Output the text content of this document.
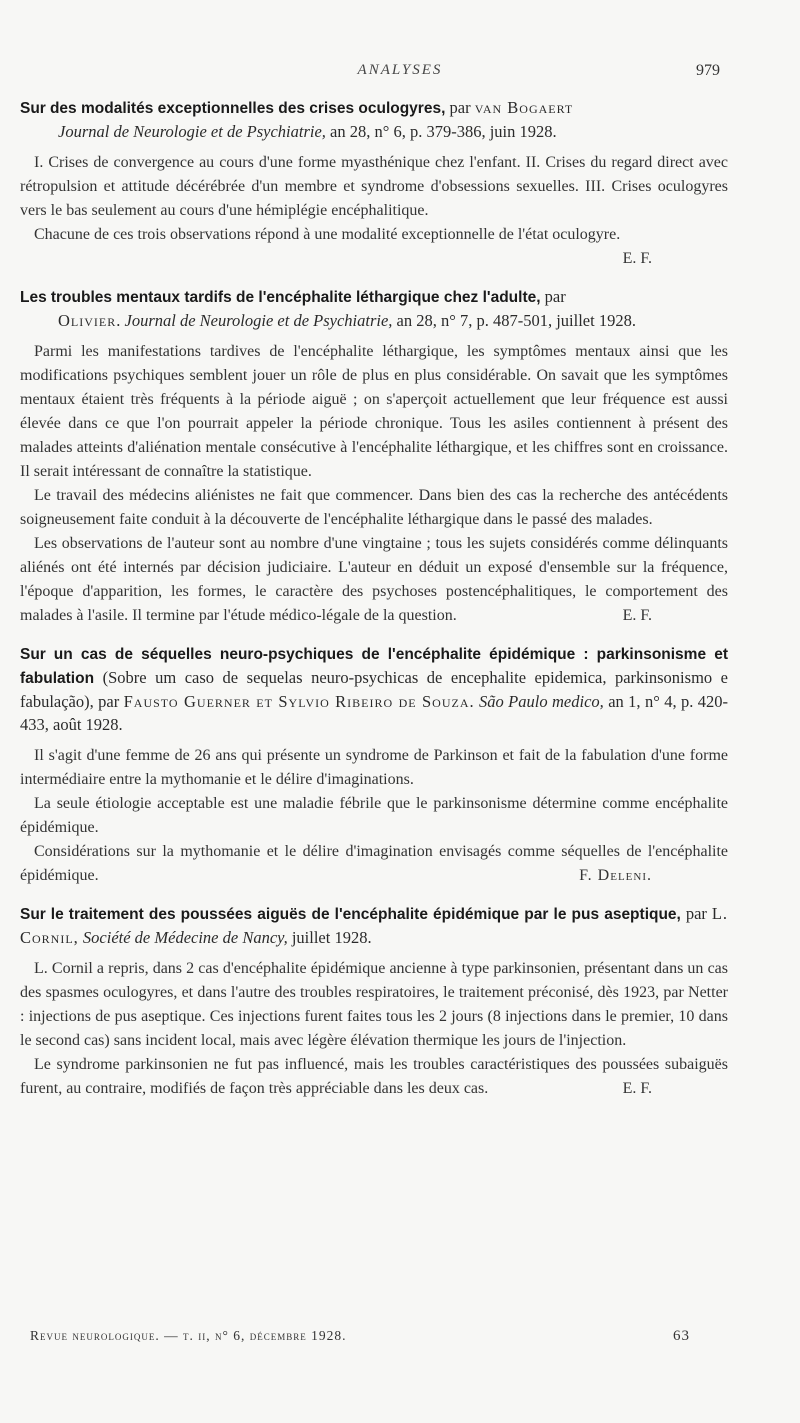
ANALYSES	979

Sur des modalités exceptionnelles des crises oculogyres, par van Bogaert
Journal de Neurologie et de Psychiatrie, an 28, n° 6, p. 379-386, juin 1928.

I. Crises de convergence au cours d'une forme myasthénique chez l'enfant. II. Crises du regard direct avec rétropulsion et attitude décérébrée d'un membre et syndrome d'obsessions sexuelles. III. Crises oculogyres vers le bas seulement au cours d'une hémiplégie encéphalitique.

Chacune de ces trois observations répond à une modalité exceptionnelle de l'état oculogyre.
E. F.

Les troubles mentaux tardifs de l'encéphalite léthargique chez l'adulte, par
Olivier. Journal de Neurologie et de Psychiatrie, an 28, n° 7, p. 487-501, juillet 1928.

Parmi les manifestations tardives de l'encéphalite léthargique, les symptômes mentaux ainsi que les modifications psychiques semblent jouer un rôle de plus en plus considérable. On savait que les symptômes mentaux étaient très fréquents à la période aiguë ; on s'aperçoit actuellement que leur fréquence est aussi élevée dans ce que l'on pourrait appeler la période chronique. Tous les asiles contiennent à présent des malades atteints d'aliénation mentale consécutive à l'encéphalite léthargique, et les chiffres sont en croissance. Il serait intéressant de connaître la statistique.

Le travail des médecins aliénistes ne fait que commencer. Dans bien des cas la recherche des antécédents soigneusement faite conduit à la découverte de l'encéphalite léthargique dans le passé des malades.

Les observations de l'auteur sont au nombre d'une vingtaine ; tous les sujets considérés comme délinquants aliénés ont été internés par décision judiciaire. L'auteur en déduit un exposé d'ensemble sur la fréquence, l'époque d'apparition, les formes, le caractère des psychoses postencéphalitiques, le comportement des malades à l'asile. Il termine par l'étude médico-légale de la question.	E. F.

Sur un cas de séquelles neuro-psychiques de l'encéphalite épidémique : parkinsonisme et fabulation (Sobre um caso de sequelas neuro-psychicas de encephalite epidemica, parkinsonismo e fabulação), par Fausto Guerner et Sylvio Ribeiro de Souza. São Paulo medico, an 1, n° 4, p. 420-433, août 1928.

Il s'agit d'une femme de 26 ans qui présente un syndrome de Parkinson et fait de la fabulation d'une forme intermédiaire entre la mythomanie et le délire d'imaginations.

La seule étiologie acceptable est une maladie fébrile que le parkinsonisme détermine comme encéphalite épidémique.

Considérations sur la mythomanie et le délire d'imagination envisagés comme séquelles de l'encéphalite épidémique.	F. Deleni.

Sur le traitement des poussées aiguës de l'encéphalite épidémique par le pus aseptique, par L. Cornil, Société de Médecine de Nancy, juillet 1928.

L. Cornil a repris, dans 2 cas d'encéphalite épidémique ancienne à type parkinsonien, présentant dans un cas des spasmes oculogyres, et dans l'autre des troubles respiratoires, le traitement préconisé, dès 1923, par Netter : injections de pus aseptique. Ces injections furent faites tous les 2 jours (8 injections dans le premier, 10 dans le second cas) sans incident local, mais avec légère élévation thermique les jours de l'injection.

Le syndrome parkinsonien ne fut pas influencé, mais les troubles caractéristiques des poussées subaiguës furent, au contraire, modifiés de façon très appréciable dans les deux cas.	E. F.

Revue neurologique. — t. ii, n° 6, décembre 1928.	63
